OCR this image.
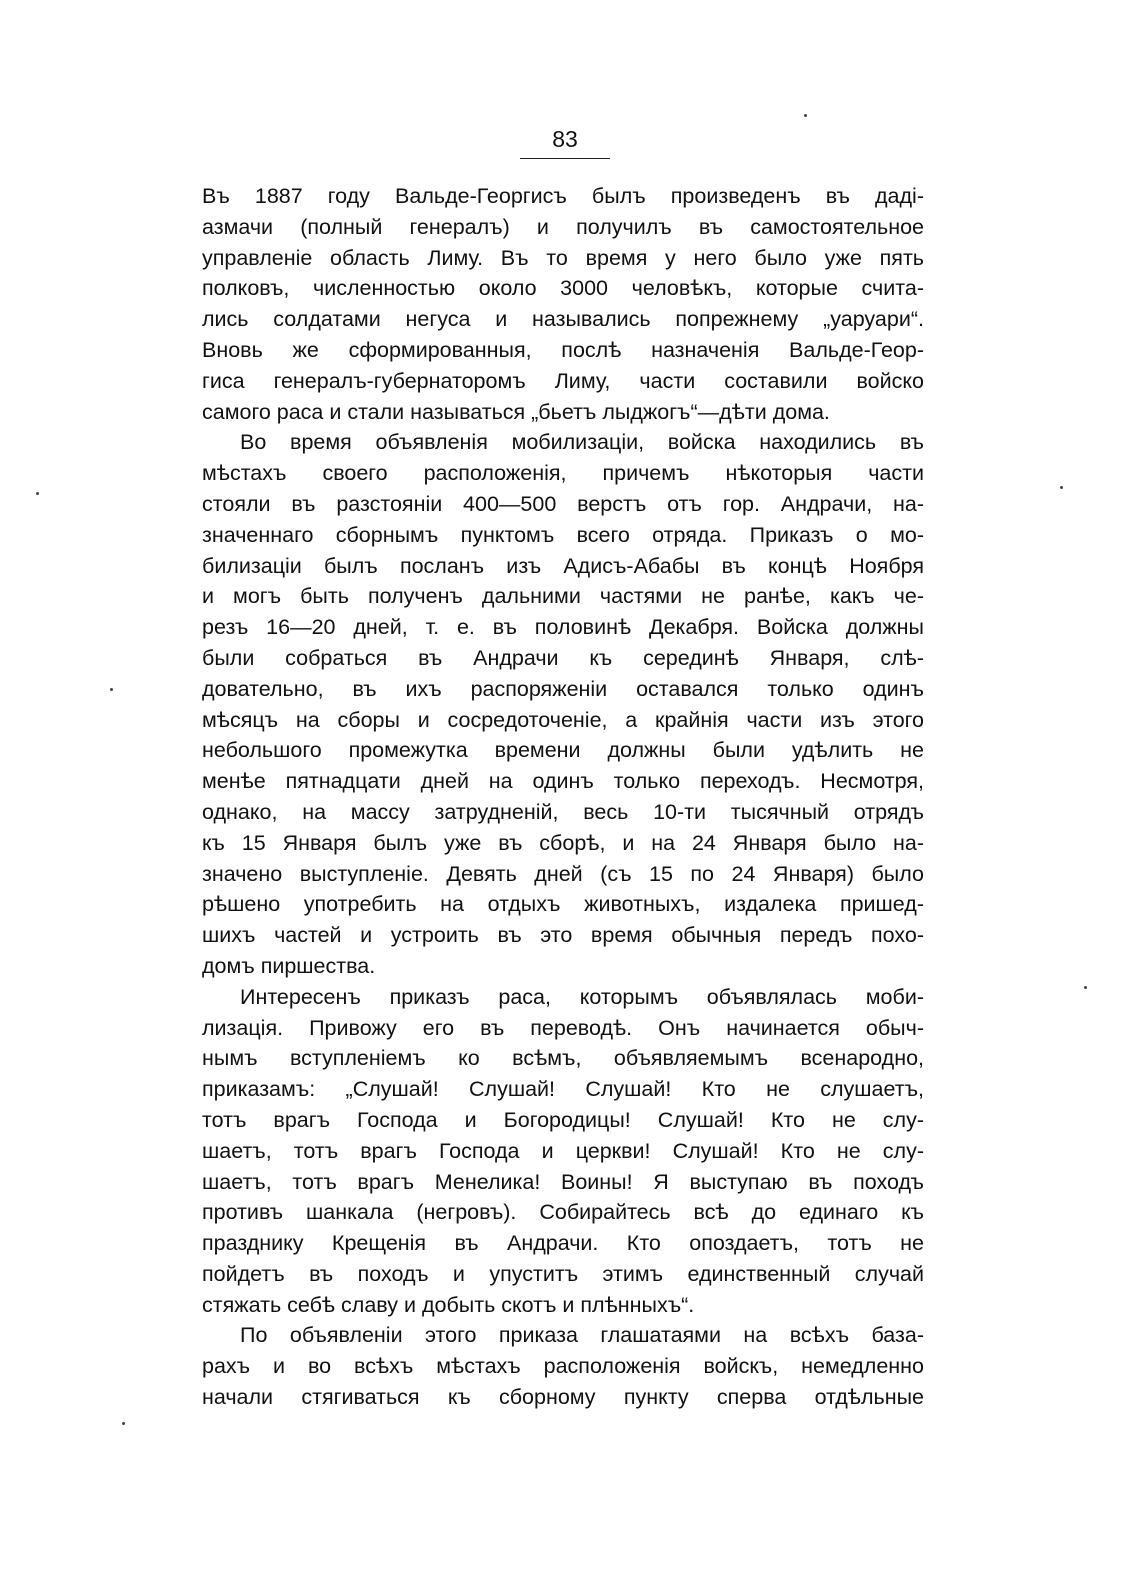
83
Въ 1887 году Вальде-Георгисъ былъ произведенъ въ дадi-
азмачи (полный генералъ) и получилъ въ самостоятельное
управленiе область Лиму. Въ то время у него было уже пять
полковъ, численностью около 3000 человѣкъ, которые счита-
лись солдатами негуса и назывались попрежнему „уаруари“.
Вновь же сформированныя, послѣ назначенiя Вальде-Геор-
гиса генералъ-губернаторомъ Лиму, части составили войско
самого раса и стали называться „бьетъ лыджогъ“—дѣти дома.
Во время объявленiя мобилизацiи, войска находились въ
мѣстахъ своего расположенiя, причемъ нѣкоторыя части
стояли въ разстоянiи 400—500 верстъ отъ гор. Андрачи, на-
значеннаго сборнымъ пунктомъ всего отряда. Приказъ о мо-
билизацiи былъ посланъ изъ Адисъ-Абабы въ концѣ Ноября
и могъ быть полученъ дальними частями не ранѣе, какъ че-
резъ 16—20 дней, т. е. въ половинѣ Декабря. Войска должны
были собраться въ Андрачи къ серединѣ Января, слѣ-
довательно, въ ихъ распоряженiи оставался только одинъ
мѣсяцъ на сборы и сосредоточенiе, а крайнiя части изъ этого
небольшого промежутка времени должны были удѣлить не
менѣе пятнадцати дней на одинъ только переходъ. Несмотря,
однако, на массу затрудненiй, весь 10-ти тысячный отрядъ
къ 15 Января былъ уже въ сборѣ, и на 24 Января было на-
значено выступленiе. Девять дней (съ 15 по 24 Января) было
рѣшено употребить на отдыхъ животныхъ, издалека пришед-
шихъ частей и устроить въ это время обычныя передъ похо-
домъ пиршества.
Интересенъ приказъ раса, которымъ объявлялась моби-
лизацiя. Привожу его въ переводѣ. Онъ начинается обыч-
нымъ вступленiемъ ко всѣмъ, объявляемымъ всенародно,
приказамъ: „Слушай! Слушай! Слушай! Кто не слушаетъ,
тотъ врагъ Господа и Богородицы! Слушай! Кто не слу-
шаетъ, тотъ врагъ Господа и церкви! Слушай! Кто не слу-
шаетъ, тотъ врагъ Менелика! Воины! Я выступаю въ походъ
противъ шанкала (негровъ). Собирайтесь всѣ до единаго къ
празднику Крещенiя въ Андрачи. Кто опоздаетъ, тотъ не
пойдетъ въ походъ и упуститъ этимъ единственный случай
стяжать себѣ славу и добыть скотъ и плѣнныхъ“.
По объявленiи этого приказа глашатаями на всѣхъ база-
рахъ и во всѣхъ мѣстахъ расположенiя войскъ, немедленно
начали стягиваться къ сборному пункту сперва отдѣльные
